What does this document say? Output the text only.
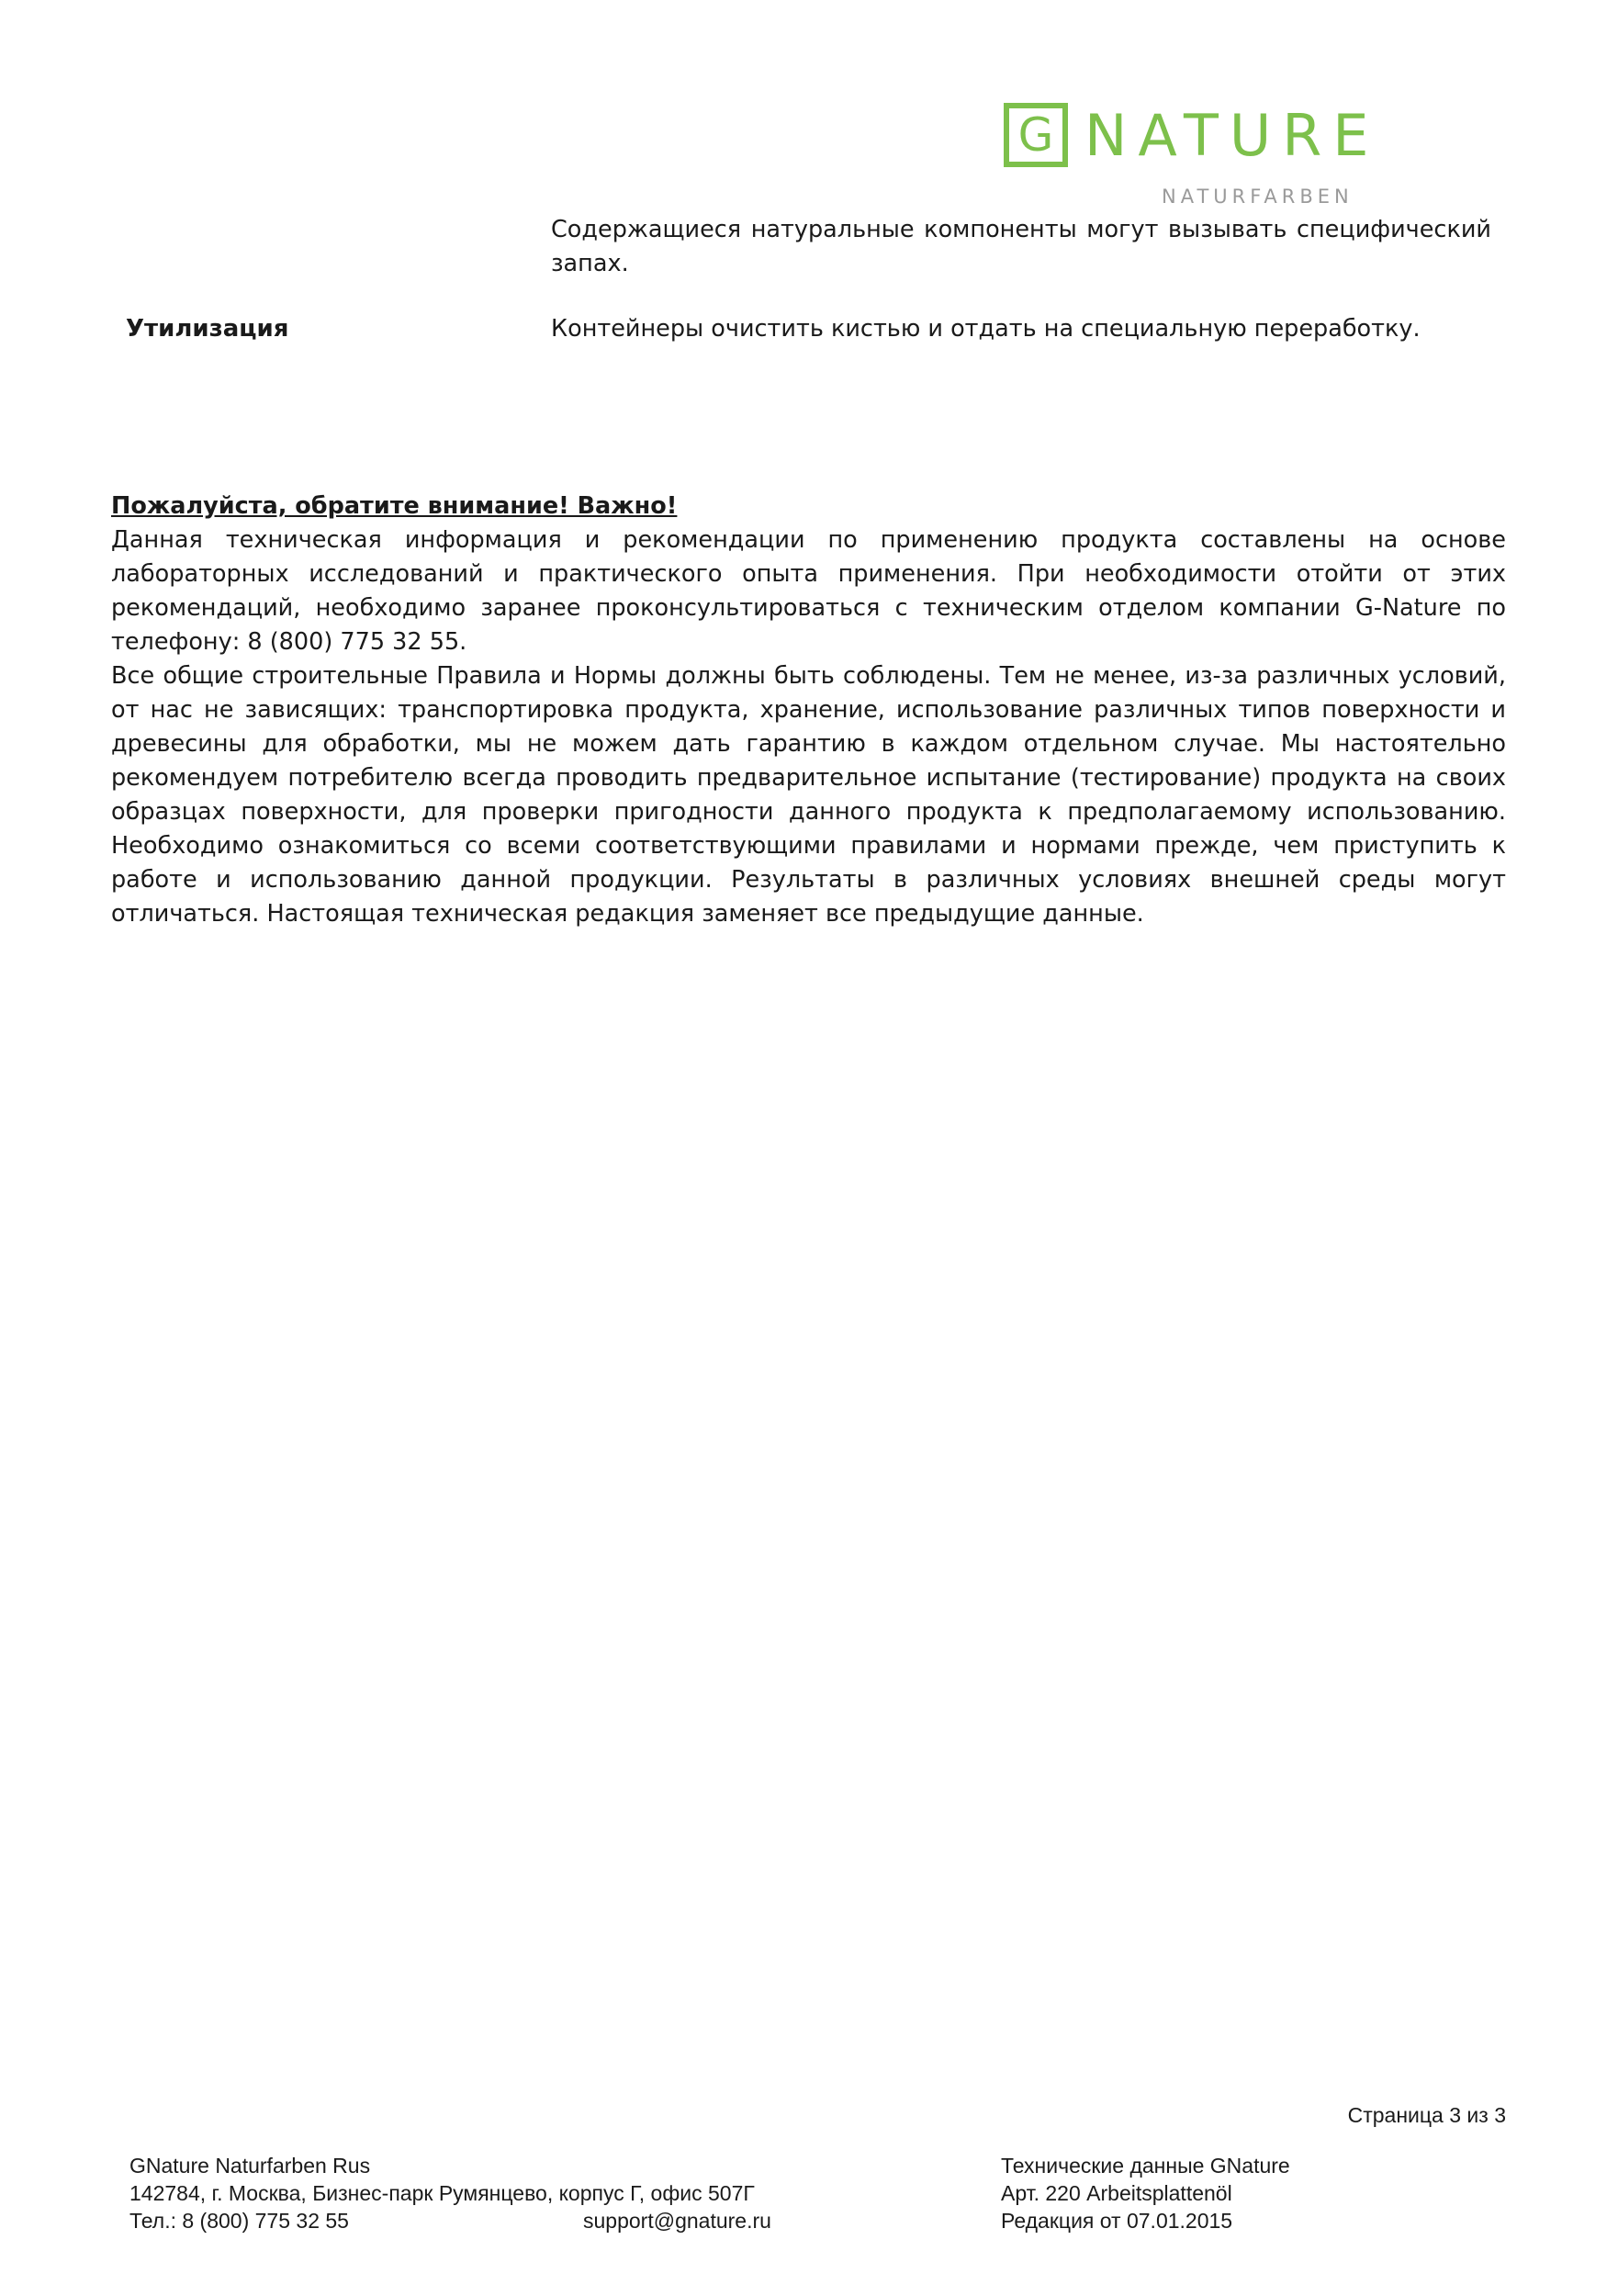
G NATURE
NATURFARBEN
Содержащиеся натуральные компоненты могут вызывать специфический запах.
Утилизация	Контейнеры очистить кистью и отдать на специальную переработку.
Пожалуйста, обратите внимание! Важно!

Данная техническая информация и рекомендации по применению продукта составлены на основе лабораторных исследований и практического опыта применения. При необходимости отойти от этих рекомендаций, необходимо заранее проконсультироваться с техническим отделом компании G-Nature по телефону: 8 (800) 775 32 55.

Все общие строительные Правила и Нормы должны быть соблюдены. Тем не менее, из-за различных условий, от нас не зависящих: транспортировка продукта, хранение, использование различных типов поверхности и древесины для обработки, мы не можем дать гарантию в каждом отдельном случае. Мы настоятельно рекомендуем потребителю всегда проводить предварительное испытание (тестирование) продукта на своих образцах поверхности, для проверки пригодности данного продукта к предполагаемому использованию. Необходимо ознакомиться со всеми соответствующими правилами и нормами прежде, чем приступить к работе и использованию данной продукции. Результаты в различных условиях внешней среды могут отличаться. Настоящая техническая редакция заменяет все предыдущие данные.

Страница 3 из 3
GNature Naturfarben Rus
142784, г. Москва, Бизнес-парк Румянцево, корпус Г, офис 507Г
Тел.: 8 (800) 775 32 55	support@gnature.ru
Технические данные GNature
Арт. 220 Arbeitsplattenöl
Редакция от 07.01.2015
